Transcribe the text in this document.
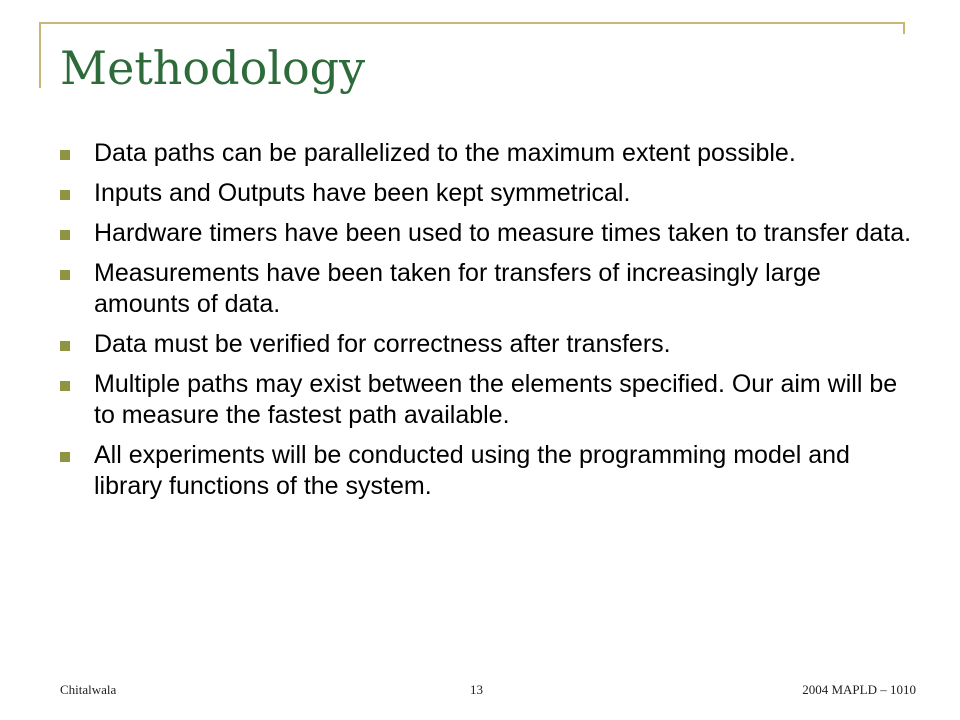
Methodology
Data paths can be parallelized to the maximum extent possible.
Inputs and Outputs have been kept symmetrical.
Hardware timers have been used to measure times taken to transfer data.
Measurements have been taken for transfers of increasingly large amounts of data.
Data must be verified for correctness after transfers.
Multiple paths may exist between the elements specified. Our aim will be to measure the fastest path available.
All experiments will be conducted using the programming model and library functions of the system.
Chitalwala	13	2004 MAPLD – 1010
